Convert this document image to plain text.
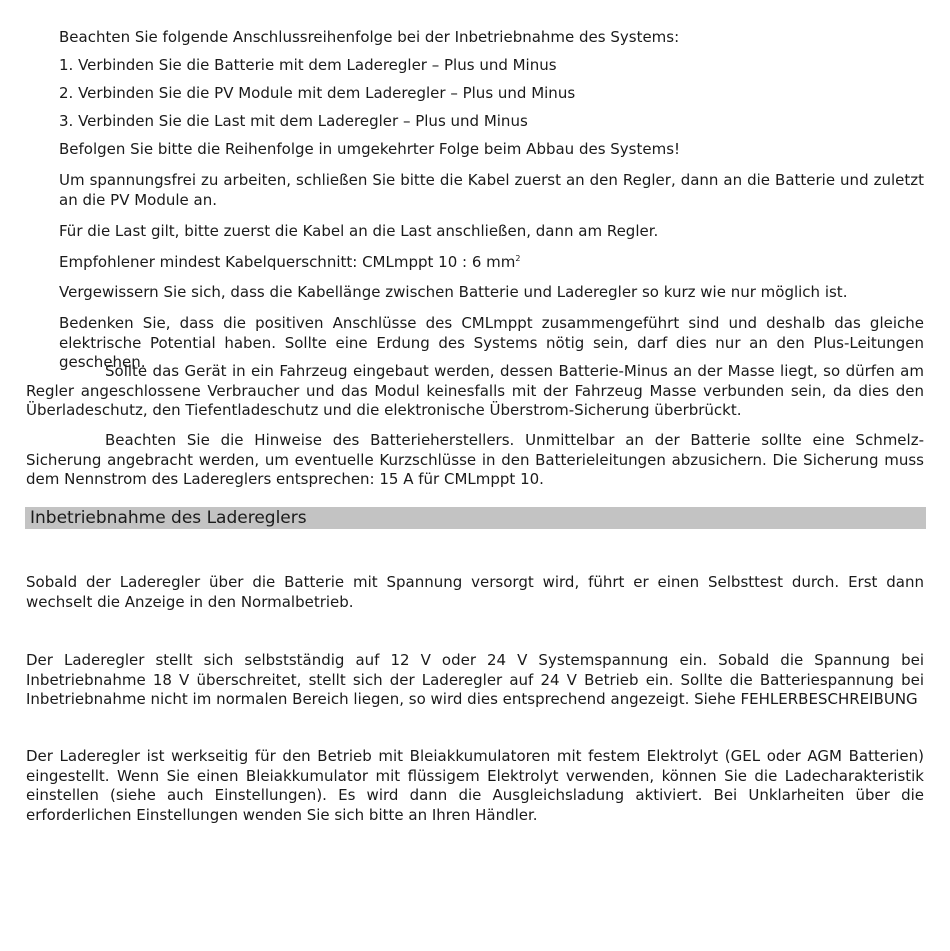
Beachten Sie folgende Anschlussreihenfolge bei der Inbetriebnahme des Systems:

1. Verbinden Sie die Batterie mit dem Laderegler – Plus und Minus

2. Verbinden Sie die PV Module mit dem Laderegler – Plus und Minus

3. Verbinden Sie die Last mit dem Laderegler – Plus und Minus

Befolgen Sie bitte die Reihenfolge in umgekehrter Folge beim Abbau des Systems!

Um spannungsfrei zu arbeiten, schließen Sie bitte die Kabel zuerst an den Regler, dann an die Batterie und zuletzt an die PV Module an.

Für die Last gilt, bitte zuerst die Kabel an die Last anschließen, dann am Regler.

Empfohlener mindest Kabelquerschnitt: CMLmppt 10 : 6 $mm^2$

Vergewissern Sie sich, dass die Kabellänge zwischen Batterie und Laderegler so kurz wie nur möglich ist.

Bedenken Sie, dass die positiven Anschlüsse des CMLmppt zusammengeführt sind und deshalb das gleiche elektrische Potential haben. Sollte eine Erdung des Systems nötig sein, darf dies nur an den Plus-Leitungen geschehen.

Sollte das Gerät in ein Fahrzeug eingebaut werden, dessen Batterie-Minus an der Masse liegt, so dürfen am Regler angeschlossene Verbraucher und das Modul keinesfalls mit der Fahrzeug Masse verbunden sein, da dies den Überladeschutz, den Tiefentladeschutz und die elektronische Überstrom-Sicherung überbrückt.

Beachten Sie die Hinweise des Batterieherstellers. Unmittelbar an der Batterie sollte eine Schmelz-Sicherung angebracht werden, um eventuelle Kurzschlüsse in den Batterieleitungen abzusichern. Die Sicherung muss dem Nennstrom des Ladereglers entsprechen: 15 A für CMLmppt 10.

Inbetriebnahme des Ladereglers

Sobald der Laderegler über die Batterie mit Spannung versorgt wird, führt er einen Selbsttest durch. Erst dann wechselt die Anzeige in den Normalbetrieb.

Der Laderegler stellt sich selbstständig auf 12 V oder 24 V Systemspannung ein. Sobald die Spannung bei Inbetriebnahme 18 V überschreitet, stellt sich der Laderegler auf 24 V Betrieb ein. Sollte die Batteriespannung bei Inbetriebnahme nicht im normalen Bereich liegen, so wird dies entsprechend angezeigt. Siehe FEHLERBESCHREIBUNG

Der Laderegler ist werkseitig für den Betrieb mit Bleiakkumulatoren mit festem Elektrolyt (GEL oder AGM Batterien) eingestellt. Wenn Sie einen Bleiakkumulator mit flüssigem Elektrolyt verwenden, können Sie die Ladecharakteristik einstellen (siehe auch Einstellungen). Es wird dann die Ausgleichsladung aktiviert. Bei Unklarheiten über die erforderlichen Einstellungen wenden Sie sich bitte an Ihren Händler.
